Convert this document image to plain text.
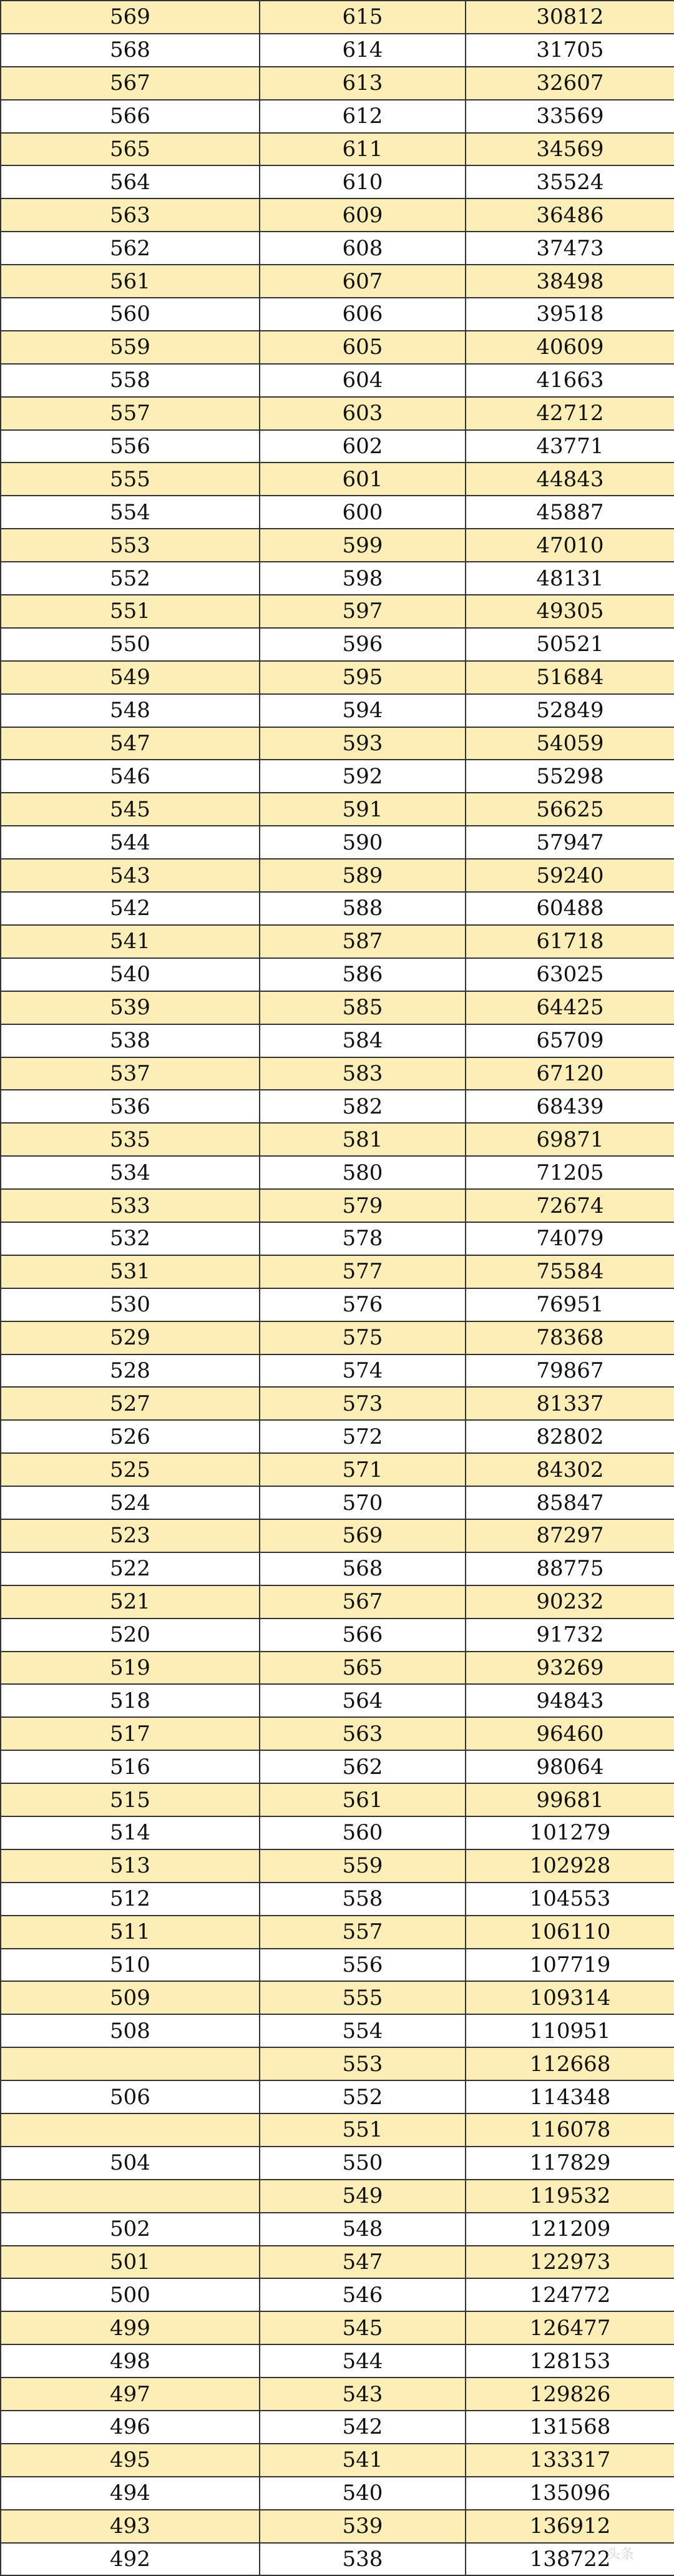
569	615	30812
568	614	31705
567	613	32607
566	612	33569
565	611	34569
564	610	35524
563	609	36486
562	608	37473
561	607	38498
560	606	39518
559	605	40609
558	604	41663
557	603	42712
556	602	43771
555	601	44843
554	600	45887
553	599	47010
552	598	48131
551	597	49305
550	596	50521
549	595	51684
548	594	52849
547	593	54059
546	592	55298
545	591	56625
544	590	57947
543	589	59240
542	588	60488
541	587	61718
540	586	63025
539	585	64425
538	584	65709
537	583	67120
536	582	68439
535	581	69871
534	580	71205
533	579	72674
532	578	74079
531	577	75584
530	576	76951
529	575	78368
528	574	79867
527	573	81337
526	572	82802
525	571	84302
524	570	85847
523	569	87297
522	568	88775
521	567	90232
520	566	91732
519	565	93269
518	564	94843
517	563	96460
516	562	98064
515	561	99681
514	560	101279
513	559	102928
512	558	104553
511	557	106110
510	556	107719
509	555	109314
508	554	110951
	553	112668
506	552	114348
	551	116078
504	550	117829
	549	119532
502	548	121209
501	547	122973
500	546	124772
499	545	126477
498	544	128153
497	543	129826
496	542	131568
495	541	133317
494	540	135096
493	539	136912
492	538	138722
头条
